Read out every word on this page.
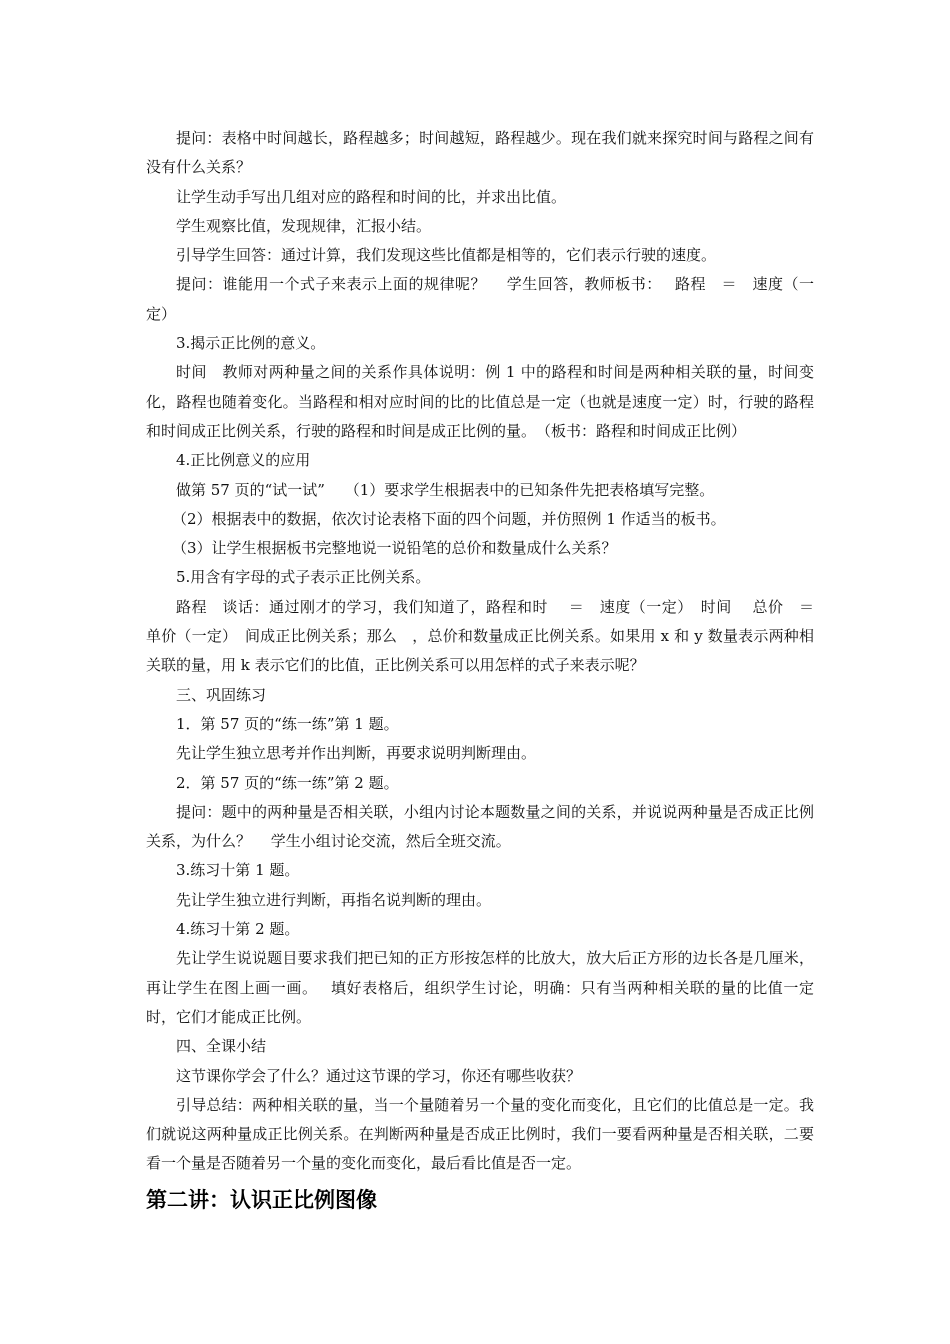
提问：表格中时间越长，路程越多；时间越短，路程越少。现在我们就来探究时间与路程之间有没有什么关系？

让学生动手写出几组对应的路程和时间的比，并求出比值。

学生观察比值，发现规律，汇报小结。

引导学生回答：通过计算，我们发现这些比值都是相等的，它们表示行驶的速度。

提问：谁能用一个式子来表示上面的规律呢？　 学生回答，教师板书：　 路程　＝　速度（一定）

3.揭示正比例的意义。

时间　教师对两种量之间的关系作具体说明：例 1 中的路程和时间是两种相关联的量，时间变化，路程也随着变化。当路程和相对应时间的比的比值总是一定（也就是速度一定）时，行驶的路程和时间成正比例关系，行驶的路程和时间是成正比例的量。　（板书：路程和时间成正比例）

4.正比例意义的应用

做第 57 页的“试一试”　 （1）要求学生根据表中的已知条件先把表格填写完整。

（2）根据表中的数据，依次讨论表格下面的四个问题，并仿照例 1 作适当的板书。

（3）让学生根据板书完整地说一说铅笔的总价和数量成什么关系？

5.用含有字母的式子表示正比例关系。

路程　谈话：通过刚才的学习，我们知道了，路程和时　 ＝　速度（一定）　时间　 总价　＝　单价（一定）　间成正比例关系；那么　，总价和数量成正比例关系。如果用 x 和 y 数量表示两种相关联的量，用 k 表示它们的比值，正比例关系可以用怎样的式子来表示呢？

三、巩固练习

1．第 57 页的“练一练”第 1 题。

先让学生独立思考并作出判断，再要求说明判断理由。

2．第 57 页的“练一练”第 2 题。

提问：题中的两种量是否相关联，小组内讨论本题数量之间的关系，并说说两种量是否成正比例关系，为什么？　 学生小组讨论交流，然后全班交流。

3.练习十第 1 题。

先让学生独立进行判断，再指名说判断的理由。

4.练习十第 2 题。

先让学生说说题目要求我们把已知的正方形按怎样的比放大，放大后正方形的边长各是几厘米，再让学生在图上画一画。　 填好表格后，组织学生讨论，明确：只有当两种相关联的量的比值一定时，它们才能成正比例。

四、全课小结

这节课你学会了什么？通过这节课的学习，你还有哪些收获？

引导总结：两种相关联的量，当一个量随着另一个量的变化而变化，且它们的比值总是一定。我们就说这两种量成正比例关系。在判断两种量是否成正比例时，我们一要看两种量是否相关联，二要看一个量是否随着另一个量的变化而变化，最后看比值是否一定。

第二讲：认识正比例图像
